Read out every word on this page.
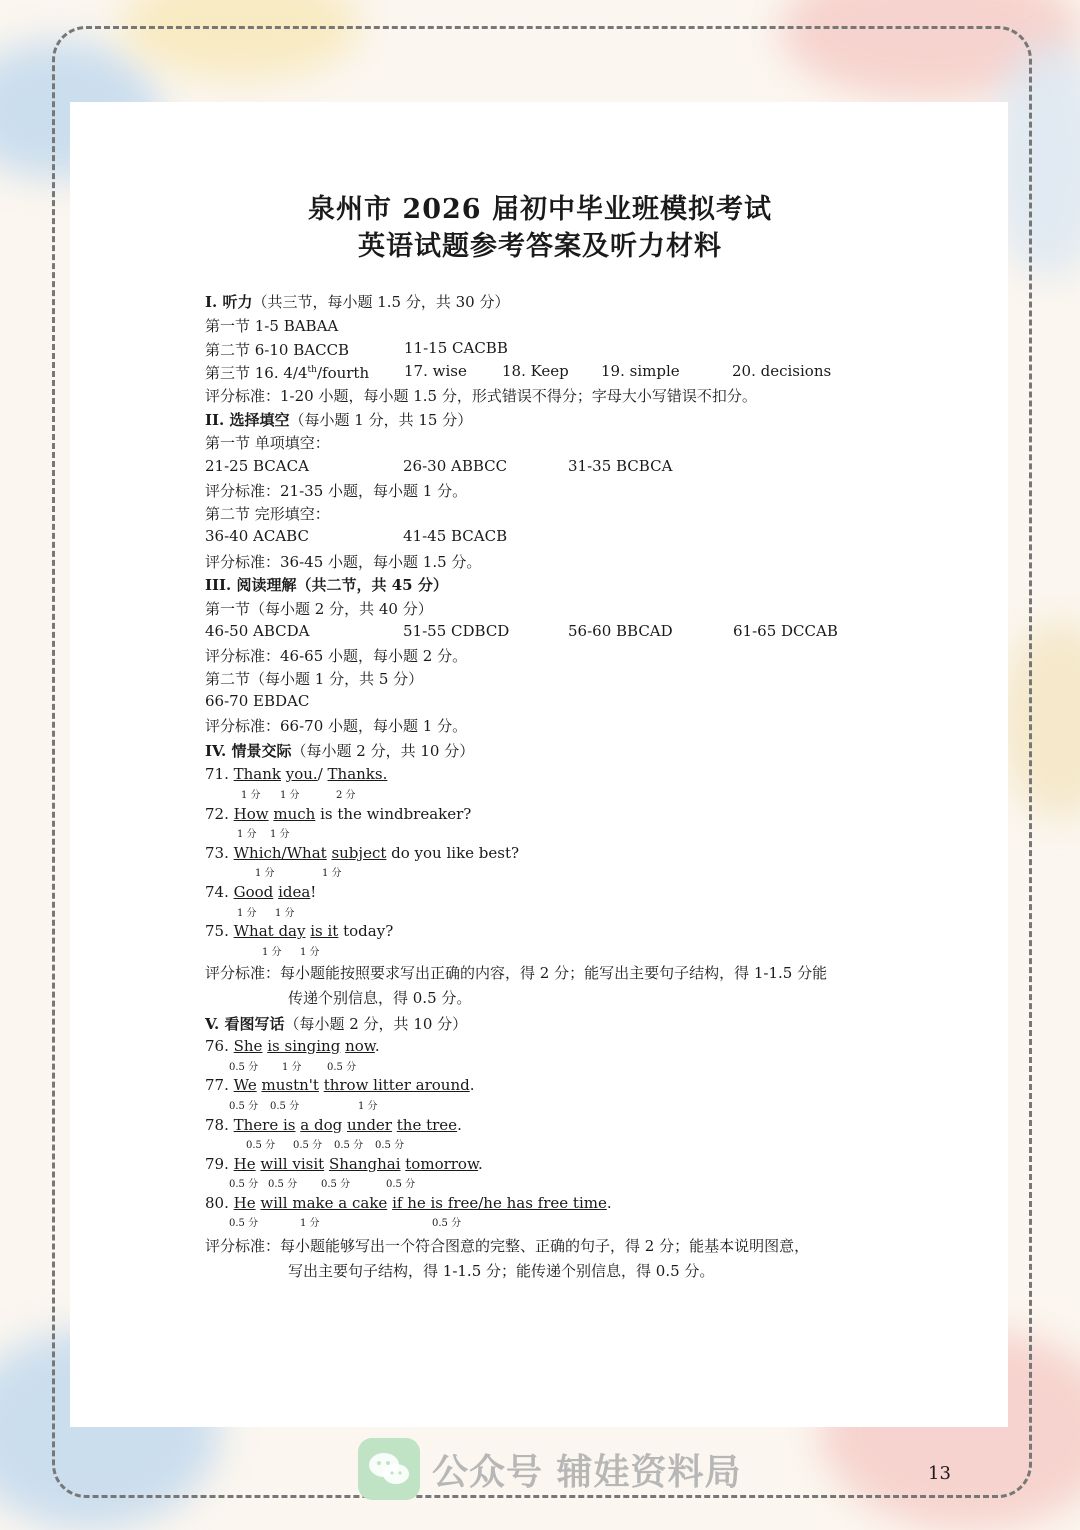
泉州市 2026 届初中毕业班模拟考试
英语试题参考答案及听力材料
I. 听力（共三节，每小题 1.5 分，共 30 分）
第一节 1-5 BABAA
第二节 6-10 BACCB	11-15 CACBB
第三节 16. 4/4th/fourth 17. wise 18. Keep 19. simple	20. decisions
评分标准：1-20 小题，每小题 1.5 分，形式错误不得分；字母大小写错误不扣分。
II. 选择填空（每小题 1 分，共 15 分）
第一节 单项填空：
21-25 BCACA	26-30 ABBCC	31-35 BCBCA
评分标准：21-35 小题，每小题 1 分。
第二节 完形填空：
36-40 ACABC	41-45 BCACB
评分标准：36-45 小题，每小题 1.5 分。
III. 阅读理解（共二节，共 45 分）
第一节（每小题 2 分，共 40 分）
46-50 ABCDA	51-55 CDBCD	56-60 BBCAD	61-65 DCCAB
评分标准：46-65 小题，每小题 2 分。
第二节（每小题 1 分，共 5 分）
66-70 EBDAC
评分标准：66-70 小题，每小题 1 分。
IV. 情景交际（每小题 2 分，共 10 分）
71. Thank you./ Thanks.
1 分 1 分	2 分
72. How much is the windbreaker?
1 分 1 分
73. Which/What subject do you like best?
1 分	1 分
74. Good idea!
1 分 1 分
75. What day is it today?
1 分 1 分
评分标准：每小题能按照要求写出正确的内容，得 2 分；能写出主要句子结构，得 1-1.5 分能
传递个别信息，得 0.5 分。
V. 看图写话（每小题 2 分，共 10 分）
76. She is singing now.
0.5 分 1 分	0.5 分
77. We mustn't throw litter around.
0.5 分 0.5 分	1 分
78. There is a dog under the tree.
0.5 分 0.5 分 0.5 分 0.5 分
79. He will visit Shanghai tomorrow.
0.5 分 0.5 分 0.5 分	0.5 分
80. He will make a cake if he is free/he has free time.
0.5 分	1 分	0.5 分
评分标准：每小题能够写出一个符合图意的完整、正确的句子，得 2 分；能基本说明图意，
写出主要句子结构，得 1-1.5 分；能传递个别信息，得 0.5 分。
公众号 辅娃资料局	13
